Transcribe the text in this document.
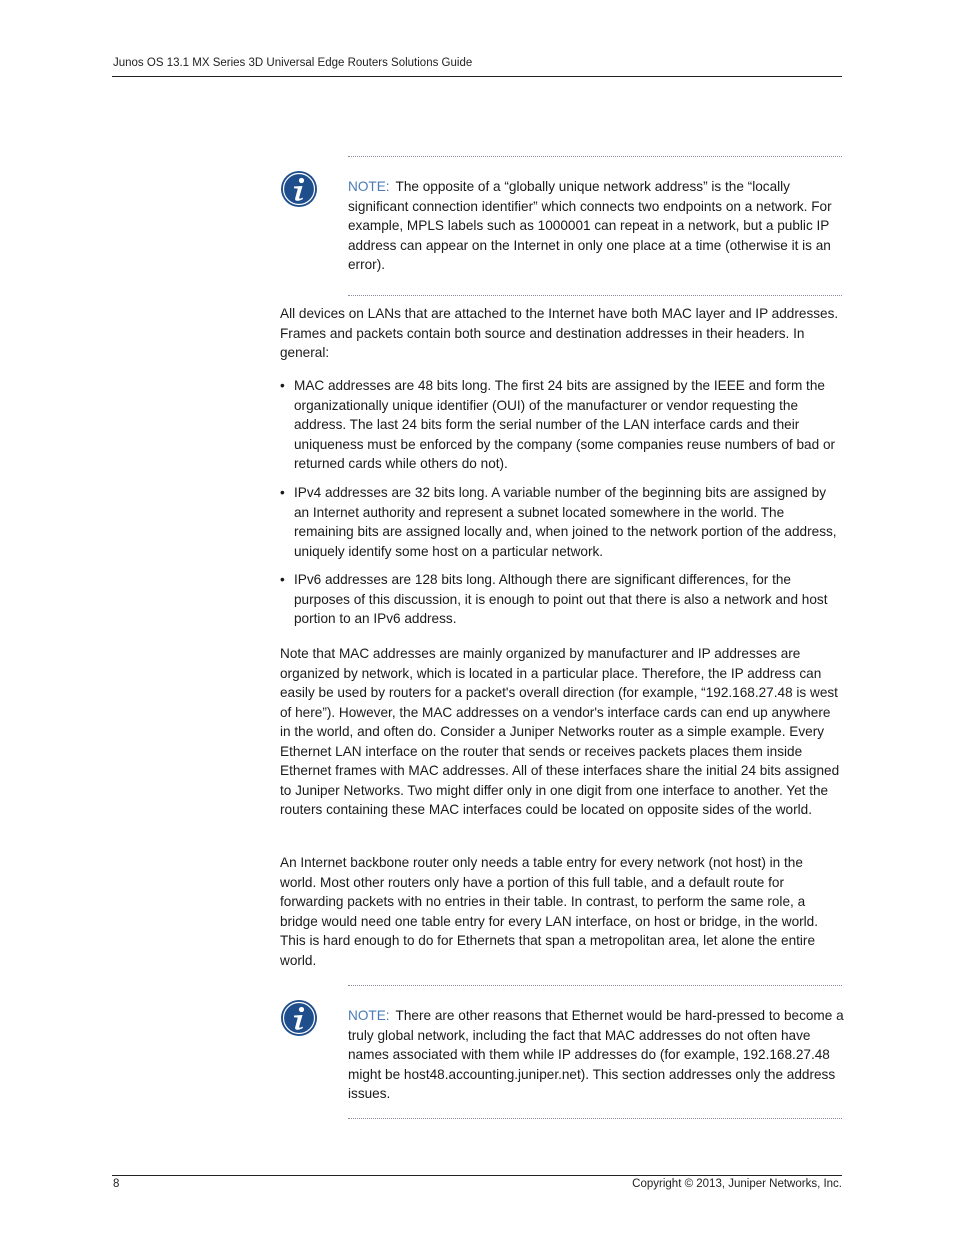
Junos OS 13.1 MX Series 3D Universal Edge Routers Solutions Guide
NOTE: The opposite of a “globally unique network address” is the “locally significant connection identifier” which connects two endpoints on a network. For example, MPLS labels such as 1000001 can repeat in a network, but a public IP address can appear on the Internet in only one place at a time (otherwise it is an error).

All devices on LANs that are attached to the Internet have both MAC layer and IP addresses. Frames and packets contain both source and destination addresses in their headers. In general:

• MAC addresses are 48 bits long. The first 24 bits are assigned by the IEEE and form the organizationally unique identifier (OUI) of the manufacturer or vendor requesting the address. The last 24 bits form the serial number of the LAN interface cards and their uniqueness must be enforced by the company (some companies reuse numbers of bad or returned cards while others do not).
• IPv4 addresses are 32 bits long. A variable number of the beginning bits are assigned by an Internet authority and represent a subnet located somewhere in the world. The remaining bits are assigned locally and, when joined to the network portion of the address, uniquely identify some host on a particular network.
• IPv6 addresses are 128 bits long. Although there are significant differences, for the purposes of this discussion, it is enough to point out that there is also a network and host portion to an IPv6 address.

Note that MAC addresses are mainly organized by manufacturer and IP addresses are organized by network, which is located in a particular place. Therefore, the IP address can easily be used by routers for a packet's overall direction (for example, “192.168.27.48 is west of here”). However, the MAC addresses on a vendor's interface cards can end up anywhere in the world, and often do. Consider a Juniper Networks router as a simple example. Every Ethernet LAN interface on the router that sends or receives packets places them inside Ethernet frames with MAC addresses. All of these interfaces share the initial 24 bits assigned to Juniper Networks. Two might differ only in one digit from one interface to another. Yet the routers containing these MAC interfaces could be located on opposite sides of the world.

An Internet backbone router only needs a table entry for every network (not host) in the world. Most other routers only have a portion of this full table, and a default route for forwarding packets with no entries in their table. In contrast, to perform the same role, a bridge would need one table entry for every LAN interface, on host or bridge, in the world. This is hard enough to do for Ethernets that span a metropolitan area, let alone the entire world.

NOTE: There are other reasons that Ethernet would be hard-pressed to become a truly global network, including the fact that MAC addresses do not often have names associated with them while IP addresses do (for example, 192.168.27.48 might be host48.accounting.juniper.net). This section addresses only the address issues.
8	Copyright © 2013, Juniper Networks, Inc.
